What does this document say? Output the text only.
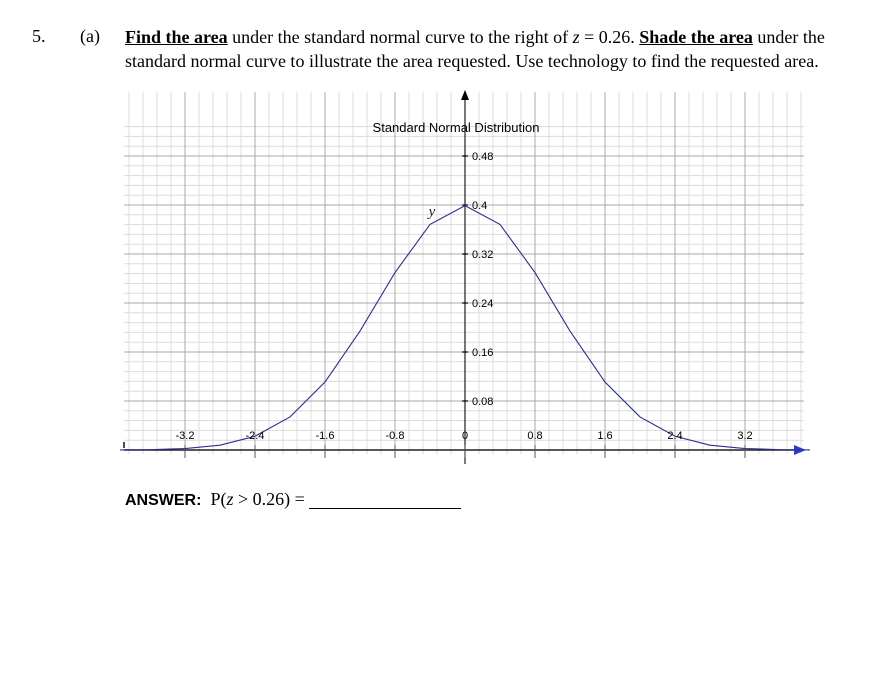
5. (a) Find the area under the standard normal curve to the right of z = 0.26. Shade the area under the standard normal curve to illustrate the area requested. Use technology to find the requested area.
-3.2	-2.4	-1.6	-0.8	0	0.8	1.6	2.4	3.2
0.08
0.16
0.24
0.32
0.4
0.48
Standard Normal Distribution
y
ANSWER: P(z > 0.26) =
